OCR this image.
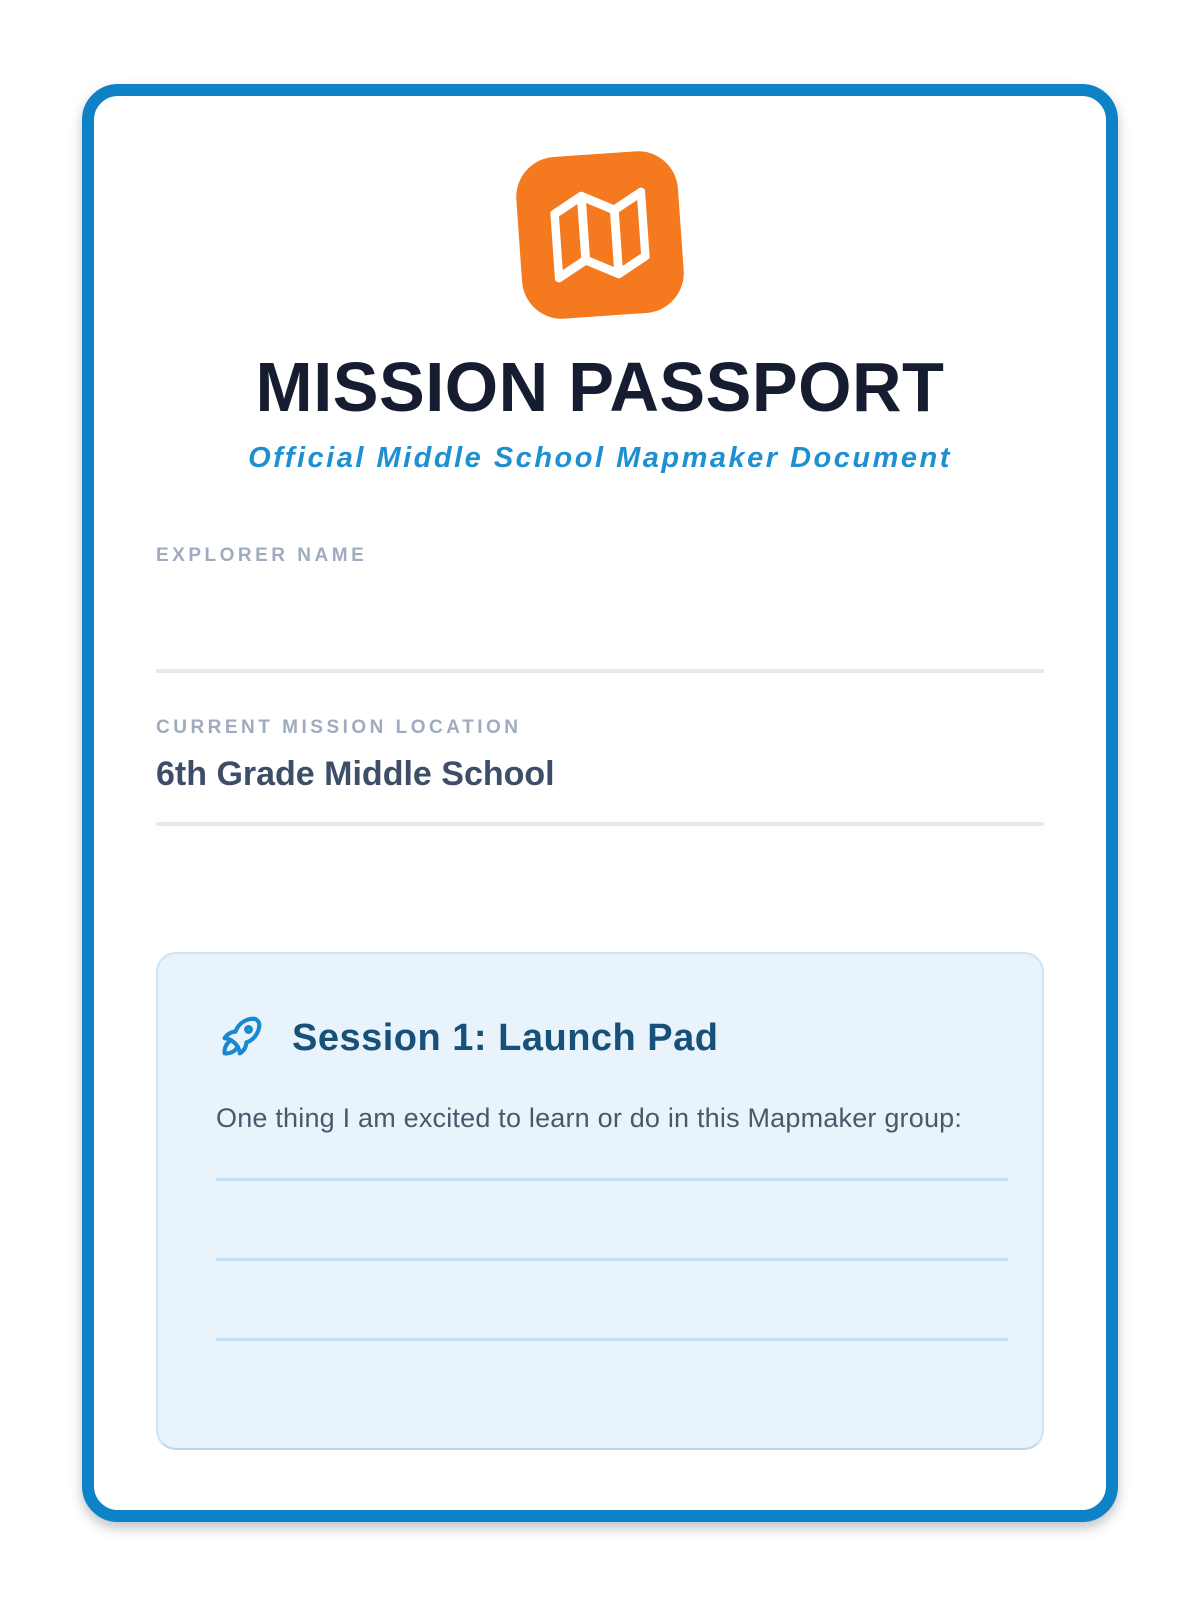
MISSION PASSPORT
Official Middle School Mapmaker Document
EXPLORER NAME
CURRENT MISSION LOCATION
6th Grade Middle School
Session 1: Launch Pad
One thing I am excited to learn or do in this Mapmaker group:
